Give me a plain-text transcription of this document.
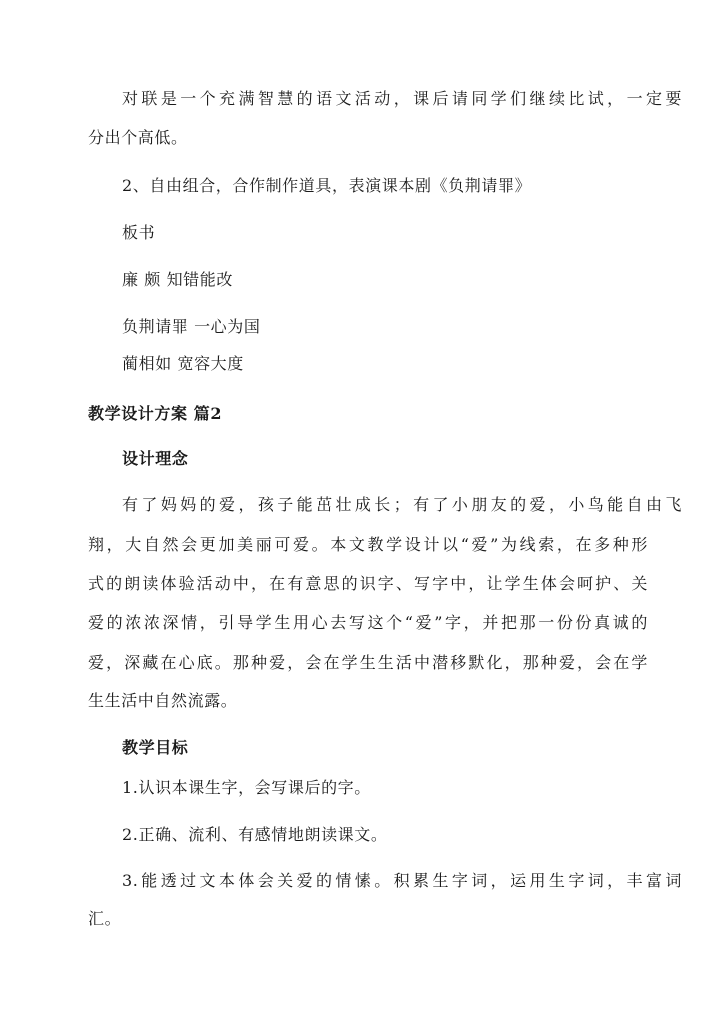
对联是一个充满智慧的语文活动，课后请同学们继续比试，一定要
分出个高低。
2、自由组合，合作制作道具，表演课本剧《负荆请罪》
板书
廉 颇 知错能改
负荆请罪 一心为国
蔺相如 宽容大度
教学设计方案 篇2
设计理念
有了妈妈的爱，孩子能茁壮成长；有了小朋友的爱，小鸟能自由飞
翔，大自然会更加美丽可爱。本文教学设计以“爱”为线索，在多种形
式的朗读体验活动中，在有意思的识字、写字中，让学生体会呵护、关
爱的浓浓深情，引导学生用心去写这个“爱”字，并把那一份份真诚的
爱，深藏在心底。那种爱，会在学生生活中潜移默化，那种爱，会在学
生生活中自然流露。
教学目标
1.认识本课生字，会写课后的字。
2.正确、流利、有感情地朗读课文。
3.能透过文本体会关爱的情愫。积累生字词，运用生字词，丰富词
汇。
